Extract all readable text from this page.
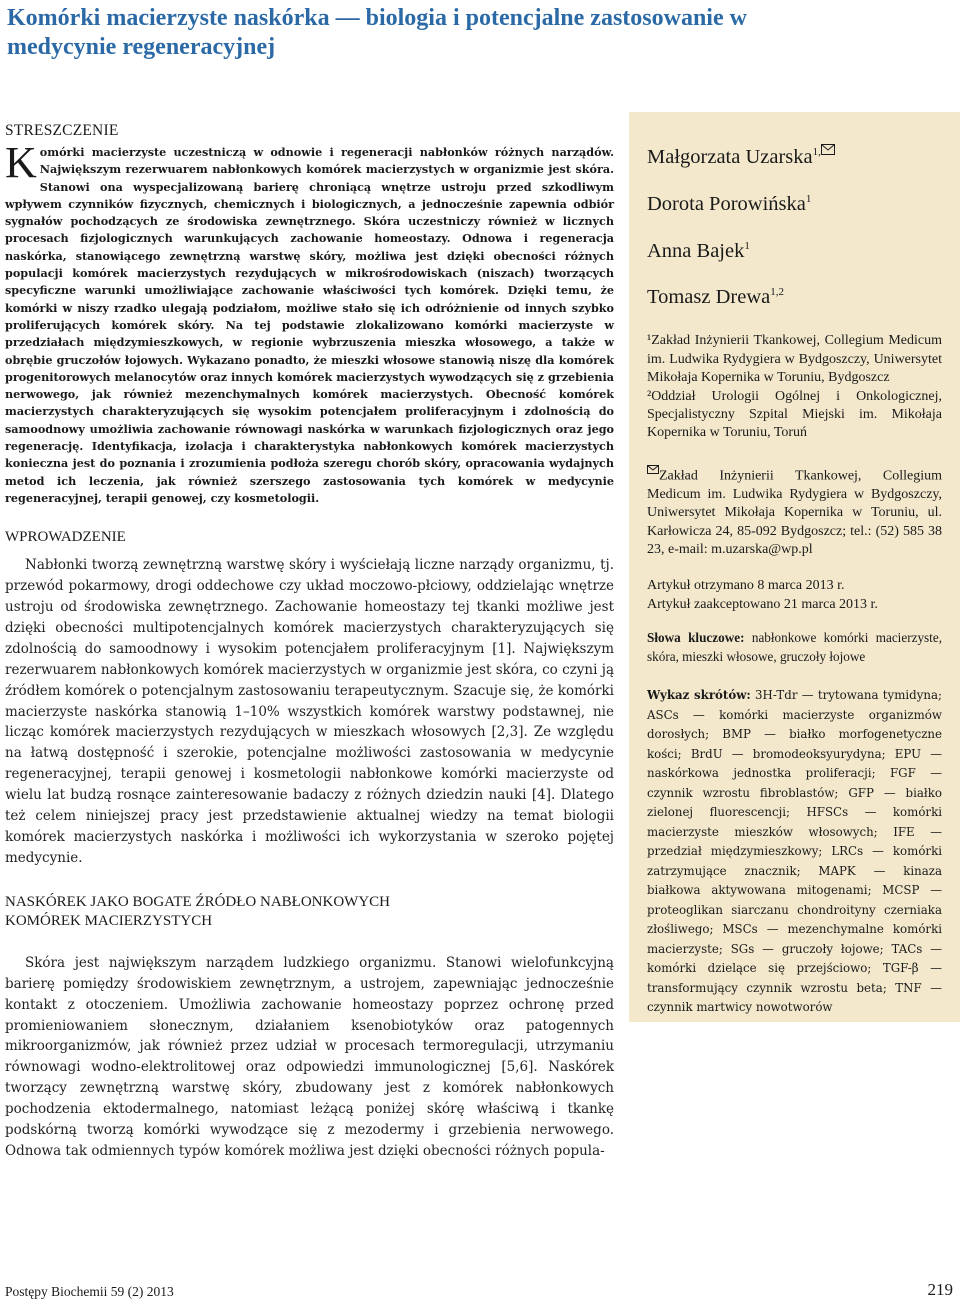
Komórki macierzyste naskórka — biologia i potencjalne zastosowanie w medycynie regeneracyjnej
STRESZCZENIE

Komórki macierzyste uczestniczą w odnowie i regeneracji nabłonków różnych narządów. Największym rezerwuarem nabłonkowych komórek macierzystych w organizmie jest skóra. Stanowi ona wyspecjalizowaną barierę chroniącą wnętrze ustroju przed szkodliwym wpływem czynników fizycznych, chemicznych i biologicznych, a jednocześnie zapewnia odbiór sygnałów pochodzących ze środowiska zewnętrznego. Skóra uczestniczy również w licznych procesach fizjologicznych warunkujących zachowanie homeostazy. Odnowa i regeneracja naskórka, stanowiącego zewnętrzną warstwę skóry, możliwa jest dzięki obecności różnych populacji komórek macierzystych rezydujących w mikrośrodowiskach (niszach) tworzących specyficzne warunki umożliwiające zachowanie właściwości tych komórek. Dzięki temu, że komórki w niszy rzadko ulegają podziałom, możliwe stało się ich odróżnienie od innych szybko proliferujących komórek skóry. Na tej podstawie zlokalizowano komórki macierzyste w przedziałach międzymieszkowych, w regionie wybrzuszenia mieszka włosowego, a także w obrębie gruczołów łojowych. Wykazano ponadto, że mieszki włosowe stanowią niszę dla komórek progenitorowych melanocytów oraz innych komórek macierzystych wywodzących się z grzebienia nerwowego, jak również mezenchymalnych komórek macierzystych. Obecność komórek macierzystych charakteryzujących się wysokim potencjałem proliferacyjnym i zdolnością do samoodnowy umożliwia zachowanie równowagi naskórka w warunkach fizjologicznych oraz jego regenerację. Identyfikacja, izolacja i charakterystyka nabłonkowych komórek macierzystych konieczna jest do poznania i zrozumienia podłoża szeregu chorób skóry, opracowania wydajnych metod ich leczenia, jak również szerszego zastosowania tych komórek w medycynie regeneracyjnej, terapii genowej, czy kosmetologii.

WPROWADZENIE

Nabłonki tworzą zewnętrzną warstwę skóry i wyściełają liczne narządy organizmu, tj. przewód pokarmowy, drogi oddechowe czy układ moczowo-płciowy, oddzielając wnętrze ustroju od środowiska zewnętrznego. Zachowanie homeostazy tej tkanki możliwe jest dzięki obecności multipotencjalnych komórek macierzystych charakteryzujących się zdolnością do samoodnowy i wysokim potencjałem proliferacyjnym [1]. Największym rezerwuarem nabłonkowych komórek macierzystych w organizmie jest skóra, co czyni ją źródłem komórek o potencjalnym zastosowaniu terapeutycznym. Szacuje się, że komórki macierzyste naskórka stanowią 1–10% wszystkich komórek warstwy podstawnej, nie licząc komórek macierzystych rezydujących w mieszkach włosowych [2,3]. Ze względu na łatwą dostępność i szerokie, potencjalne możliwości zastosowania w medycynie regeneracyjnej, terapii genowej i kosmetologii nabłonkowe komórki macierzyste od wielu lat budzą rosnące zainteresowanie badaczy z różnych dziedzin nauki [4]. Dlatego też celem niniejszej pracy jest przedstawienie aktualnej wiedzy na temat biologii komórek macierzystych naskórka i możliwości ich wykorzystania w szeroko pojętej medycynie.

NASKÓREK JAKO BOGATE ŹRÓDŁO NABŁONKOWYCH
KOMÓREK MACIERZYSTYCH

Skóra jest największym narządem ludzkiego organizmu. Stanowi wielofunkcyjną barierę pomiędzy środowiskiem zewnętrznym, a ustrojem, zapewniając jednocześnie kontakt z otoczeniem. Umożliwia zachowanie homeostazy poprzez ochronę przed promieniowaniem słonecznym, działaniem ksenobiotyków oraz patogennych mikroorganizmów, jak również przez udział w procesach termoregulacji, utrzymaniu równowagi wodno-elektrolitowej oraz odpowiedzi immunologicznej [5,6]. Naskórek tworzący zewnętrzną warstwę skóry, zbudowany jest z komórek nabłonkowych pochodzenia ektodermalnego, natomiast leżącą poniżej skórę właściwą i tkankę podskórną tworzą komórki wywodzące się z mezodermy i grzebienia nerwowego. Odnowa tak odmiennych typów komórek możliwa jest dzięki obecności różnych popula-

Małgorzata Uzarska$^{1,}$
Dorota Porowińska$^1$
Anna Bajek$^1$
Tomasz Drewa$^{1,2}$

¹Zakład Inżynierii Tkankowej, Collegium Medicum im. Ludwika Rydygiera w Bydgoszczy, Uniwersytet Mikołaja Kopernika w Toruniu, Bydgoszcz

²Oddział Urologii Ogólnej i Onkologicznej, Specjalistyczny Szpital Miejski im. Mikołaja Kopernika w Toruniu, Toruń

Zakład Inżynierii Tkankowej, Collegium Medicum im. Ludwika Rydygiera w Bydgoszczy, Uniwersytet Mikołaja Kopernika w Toruniu, ul. Karłowicza 24, 85-092 Bydgoszcz; tel.: (52) 585 38 23, e-mail: m.uzarska@wp.pl

Artykuł otrzymano 8 marca 2013 r.

Artykuł zaakceptowano 21 marca 2013 r.

Słowa kluczowe: nabłonkowe komórki macierzyste, skóra, mieszki włosowe, gruczoły łojowe

Wykaz skrótów: 3H-Tdr — trytowana tymidyna; ASCs — komórki macierzyste organizmów dorosłych; BMP — białko morfogenetyczne kości; BrdU — bromodeoksyurydyna; EPU — naskórkowa jednostka proliferacji; FGF — czynnik wzrostu fibroblastów; GFP — białko zielonej fluorescencji; HFSCs — komórki macierzyste mieszków włosowych; IFE — przedział międzymieszkowy; LRCs — komórki zatrzymujące znacznik; MAPK — kinaza białkowa aktywowana mitogenami; MCSP — proteoglikan siarczanu chondroityny czerniaka złośliwego; MSCs — mezenchymalne komórki macierzyste; SGs — gruczoły łojowe; TACs — komórki dzielące się przejściowo; TGF-β — transformujący czynnik wzrostu beta; TNF — czynnik martwicy nowotworów

Postępy Biochemii 59 (2) 2013	219
